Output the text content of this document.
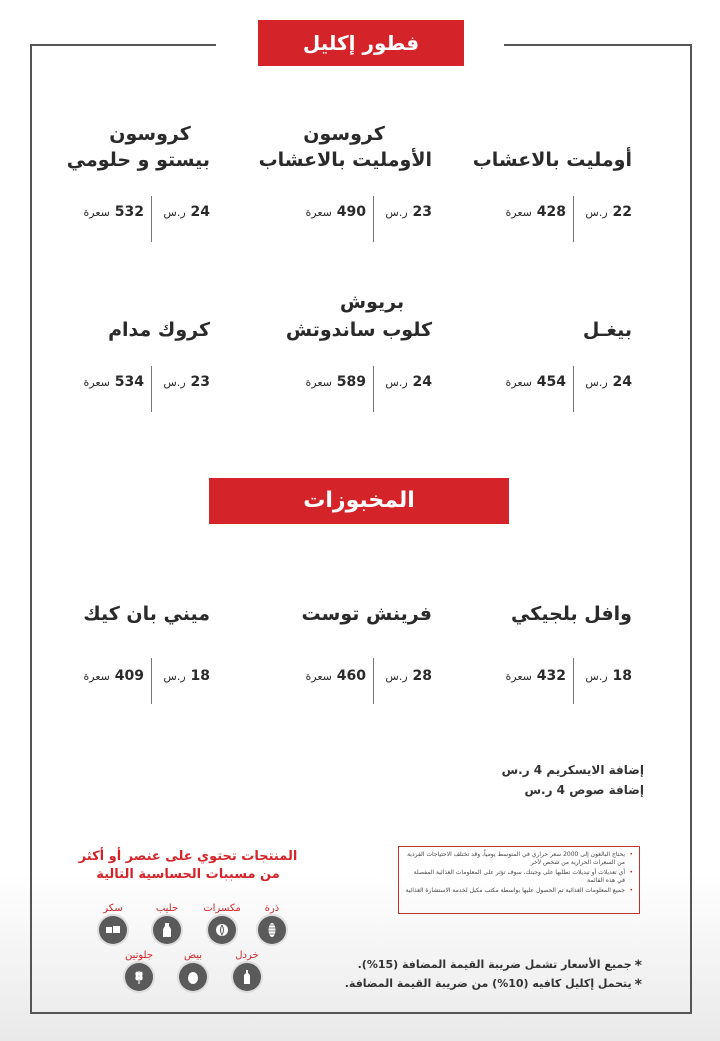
فطور إكليل
المخبوزات
أومليت بالاعشاب
22 ر.س
428 سعرة
كروسون
الأومليت بالاعشاب
23 ر.س
490 سعرة
كروسون
بيستو و حلومي
24 ر.س
532 سعرة
بيغـل
24 ر.س
454 سعرة
بريوش
كلوب ساندوتش
24 ر.س
589 سعرة
كروك مدام
23 ر.س
534 سعرة
وافل بلجيكي
18 ر.س
432 سعرة
فرينش توست
28 ر.س
460 سعرة
ميني بان كيك
18 ر.س
409 سعرة
إضافة الايسكريم 4 ر.س
إضافة صوص 4 ر.س
• يحتاج البالغون إلى 2000 سعر حراري في المتوسط يومياً، وقد تختلف الاحتياجات الفردية من السعرات الحرارية من شخص لآخر
• أي تعديلات أو تبديلات تطلبها على وجبتك، سوف تؤثر على المعلومات الغذائية المفصلة في هذه القائمة
• جميع المعلومات الغذائية تم الحصول عليها بواسطة مكتب مكيل لخدمة الاستشارة الغذائية
المنتجات تحتوي على عنصر أو أكثر
من مسببات الحساسية التالية
ذرة
مكسرات
حليب
سكر
خردل
بيض
جلوتين
*جميع الأسعار تشمل ضريبة القيمة المضافة (15%).
*يتحمل إكليل كافيه (10%) من ضريبة القيمة المضافة.
